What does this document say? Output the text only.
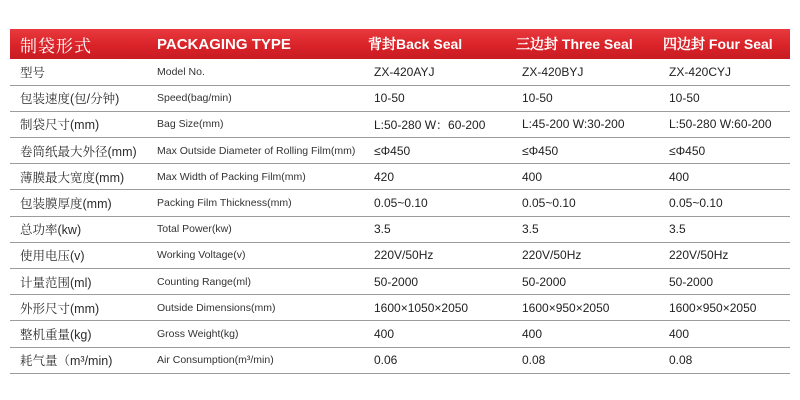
制袋形式	PACKAGING TYPE	背封Back Seal	三边封 Three Seal	四边封 Four Seal
型号	Model No.	ZX-420AYJ	ZX-420BYJ	ZX-420CYJ
包装速度(包/分钟)	Speed(bag/min)	10-50	10-50	10-50
制袋尺寸(mm)	Bag Size(mm)	L:50-280 W：60-200	L:45-200 W:30-200	L:50-280 W:60-200
卷筒纸最大外径(mm)	Max Outside Diameter of Rolling Film(mm)	≤Φ450	≤Φ450	≤Φ450
薄膜最大宽度(mm)	Max Width of Packing Film(mm)	420	400	400
包装膜厚度(mm)	Packing Film Thickness(mm)	0.05~0.10	0.05~0.10	0.05~0.10
总功率(kw)	Total Power(kw)	3.5	3.5	3.5
使用电压(v)	Working Voltage(v)	220V/50Hz	220V/50Hz	220V/50Hz
计量范围(ml)	Counting Range(ml)	50-2000	50-2000	50-2000
外形尺寸(mm)	Outside Dimensions(mm)	1600×1050×2050	1600×950×2050	1600×950×2050
整机重量(kg)	Gross Weight(kg)	400	400	400
耗气量（m³/min)	Air Consumption(m³/min)	0.06	0.08	0.08
